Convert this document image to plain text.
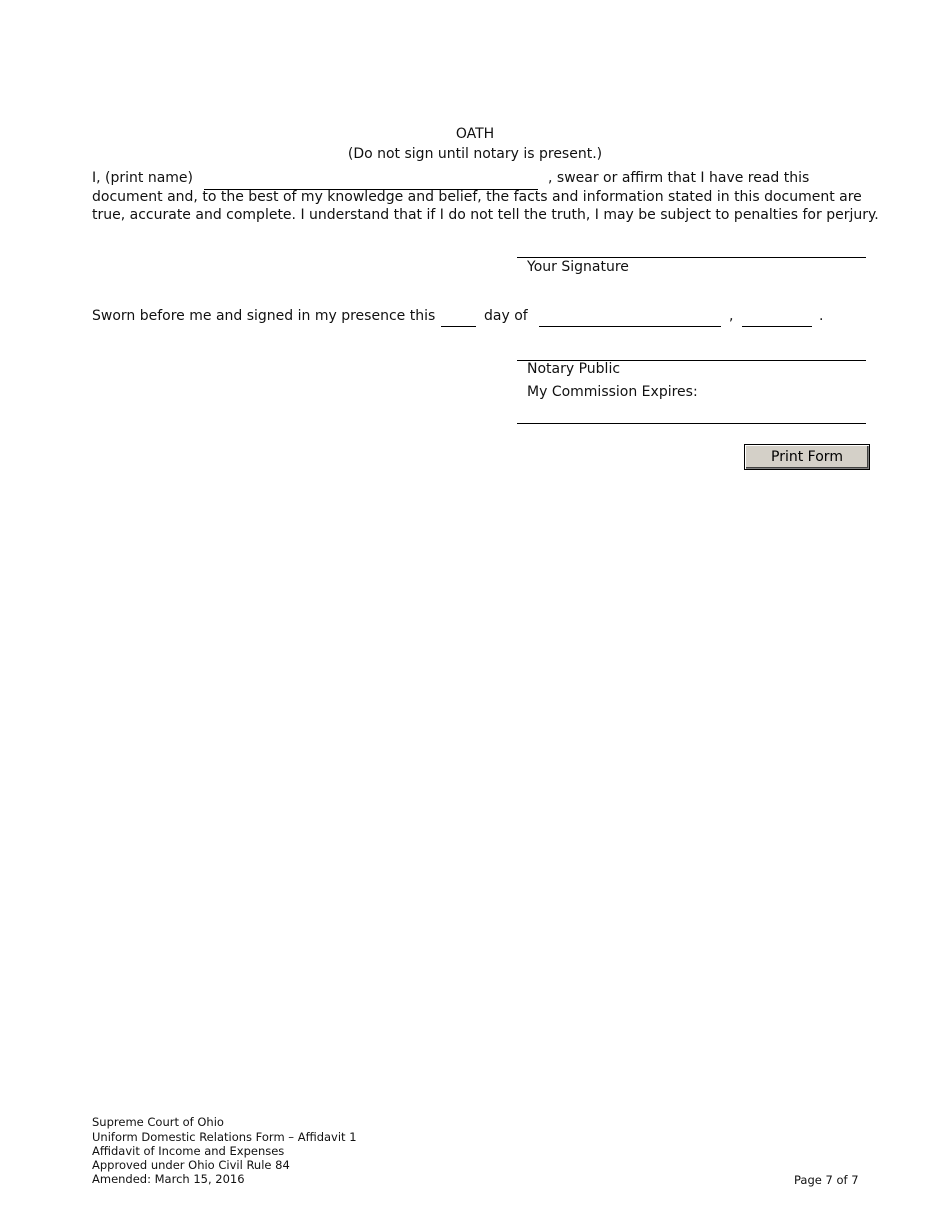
OATH
(Do not sign until notary is present.)
I, (print name)	, swear or affirm that I have read this
document and, to the best of my knowledge and belief, the facts and information stated in this document are
true, accurate and complete. I understand that if I do not tell the truth, I may be subject to penalties for perjury.
Your Signature
Sworn before me and signed in my presence this	day of	,	.
Notary Public
My Commission Expires:
Print Form
Supreme Court of Ohio
Uniform Domestic Relations Form – Affidavit 1
Affidavit of Income and Expenses
Approved under Ohio Civil Rule 84
Amended: March 15, 2016	Page 7 of 7
